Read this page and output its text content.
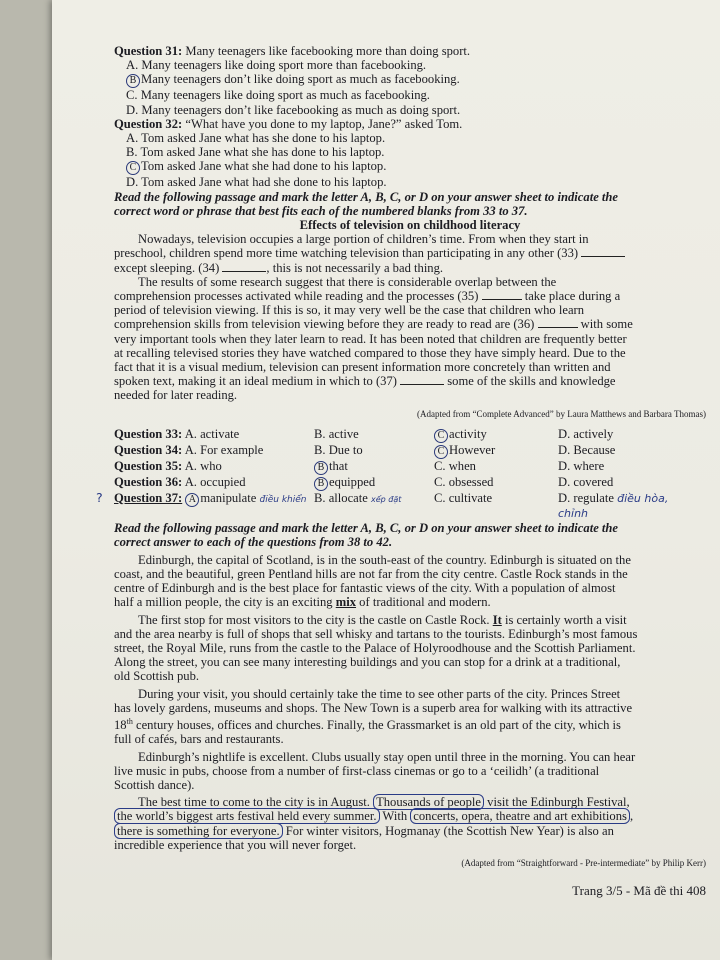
Question 31: Many teenagers like facebooking more than doing sport.
A. Many teenagers like doing sport more than facebooking.
B Many teenagers don’t like doing sport as much as facebooking.
C. Many teenagers like doing sport as much as facebooking.
D. Many teenagers don’t like facebooking as much as doing sport.
Question 32: “What have you done to my laptop, Jane?” asked Tom.
A. Tom asked Jane what has she done to his laptop.
B. Tom asked Jane what she has done to his laptop.
C Tom asked Jane what she had done to his laptop.
D. Tom asked Jane what had she done to his laptop.
Read the following passage and mark the letter A, B, C, or D on your answer sheet to indicate the
correct word or phrase that best fits each of the numbered blanks from 33 to 37.
Effects of television on childhood literacy
Nowadays, television occupies a large portion of children’s time. From when they start in
preschool, children spend more time watching television than participating in any other (33)
except sleeping. (34)	, this is not necessarily a bad thing.
The results of some research suggest that there is considerable overlap between the
comprehension processes activated while reading and the processes (35)	take place during a
period of television viewing. If this is so, it may very well be the case that children who learn
comprehension skills from television viewing before they are ready to read are (36)	with some
very important tools when they later learn to read. It has been noted that children are frequently better
at recalling televised stories they have watched compared to those they have simply heard. Due to the
fact that it is a visual medium, television can present information more concretely than written and
spoken text, making it an ideal medium in which to (37)	some of the skills and knowledge
needed for later reading.
(Adapted from “Complete Advanced” by Laura Matthews and Barbara Thomas)
Question 33: A. activate	B. active	C activity	D. actively
Question 34: A. For example	B. Due to	C However	D. Because
Question 35: A. who	B that	C. when	D. where
Question 36: A. occupied	B equipped	C. obsessed	D. covered
? Question 37: A manipulate điều khiển B. allocate xếp đặt	C. cultivate	D. regulate điều hòa, chỉnh
Read the following passage and mark the letter A, B, C, or D on your answer sheet to indicate the
correct answer to each of the questions from 38 to 42.
Edinburgh, the capital of Scotland, is in the south-east of the country. Edinburgh is situated on the
coast, and the beautiful, green Pentland hills are not far from the city centre. Castle Rock stands in the
centre of Edinburgh and is the best place for fantastic views of the city. With a population of almost
half a million people, the city is an exciting mix of traditional and modern.
The first stop for most visitors to the city is the castle on Castle Rock. It is certainly worth a visit
and the area nearby is full of shops that sell whisky and tartans to the tourists. Edinburgh’s most famous
street, the Royal Mile, runs from the castle to the Palace of Holyroodhouse and the Scottish Parliament.
Along the street, you can see many interesting buildings and you can stop for a drink at a traditional,
old Scottish pub.
During your visit, you should certainly take the time to see other parts of the city. Princes Street
has lovely gardens, museums and shops. The New Town is a superb area for walking with its attractive
18th century houses, offices and churches. Finally, the Grassmarket is an old part of the city, which is
full of cafés, bars and restaurants.
Edinburgh’s nightlife is excellent. Clubs usually stay open until three in the morning. You can hear
live music in pubs, choose from a number of first-class cinemas or go to a ‘ceilidh’ (a traditional
Scottish dance).
The best time to come to the city is in August. Thousands of people visit the Edinburgh Festival,
the world’s biggest arts festival held every summer. With concerts, opera, theatre and art exhibitions ,
there is something for everyone. For winter visitors, Hogmanay (the Scottish New Year) is also an
incredible experience that you will never forget.
(Adapted from “Straightforward - Pre-intermediate” by Philip Kerr)
Trang 3/5 - Mã đề thi 408
